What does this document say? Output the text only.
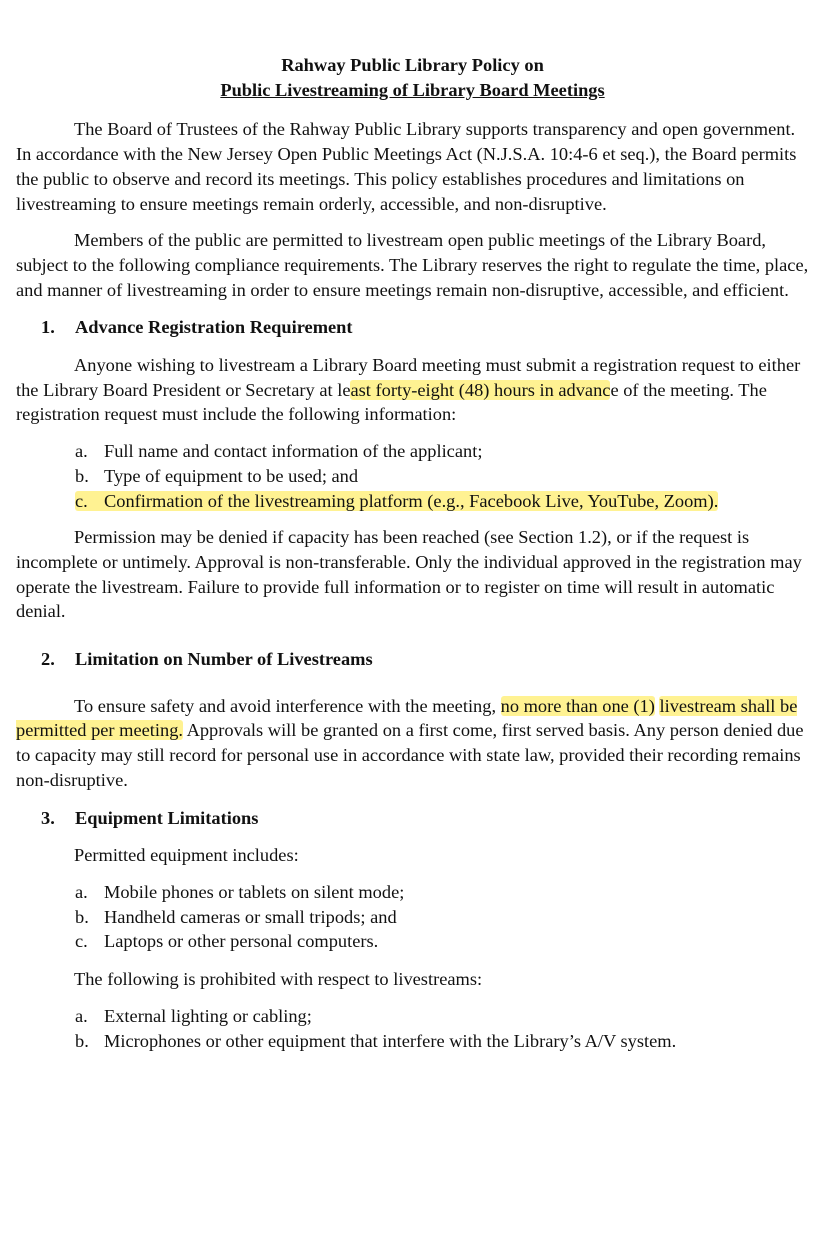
Rahway Public Library Policy on

Public Livestreaming of Library Board Meetings

The Board of Trustees of the Rahway Public Library supports transparency and open government. In accordance with the New Jersey Open Public Meetings Act (N.J.S.A. 10:4-6 et seq.), the Board permits the public to observe and record its meetings. This policy establishes procedures and limitations on livestreaming to ensure meetings remain orderly, accessible, and non-disruptive.

Members of the public are permitted to livestream open public meetings of the Library Board, subject to the following compliance requirements. The Library reserves the right to regulate the time, place, and manner of livestreaming in order to ensure meetings remain non-disruptive, accessible, and efficient.

1. Advance Registration Requirement

Anyone wishing to livestream a Library Board meeting must submit a registration request to either the Library Board President or Secretary at least forty-eight (48) hours in advance of the meeting. The registration request must include the following information:

a. Full name and contact information of the applicant;
b. Type of equipment to be used; and
c. Confirmation of the livestreaming platform (e.g., Facebook Live, YouTube, Zoom).

Permission may be denied if capacity has been reached (see Section 1.2), or if the request is incomplete or untimely. Approval is non-transferable. Only the individual approved in the registration may operate the livestream. Failure to provide full information or to register on time will result in automatic denial.

2. Limitation on Number of Livestreams

To ensure safety and avoid interference with the meeting, no more than one (1) livestream shall be permitted per meeting. Approvals will be granted on a first come, first served basis. Any person denied due to capacity may still record for personal use in accordance with state law, provided their recording remains non-disruptive.

3. Equipment Limitations

Permitted equipment includes:

a. Mobile phones or tablets on silent mode;
b. Handheld cameras or small tripods; and
c. Laptops or other personal computers.

The following is prohibited with respect to livestreams:

a. External lighting or cabling;
b. Microphones or other equipment that interfere with the Library’s A/V system.
